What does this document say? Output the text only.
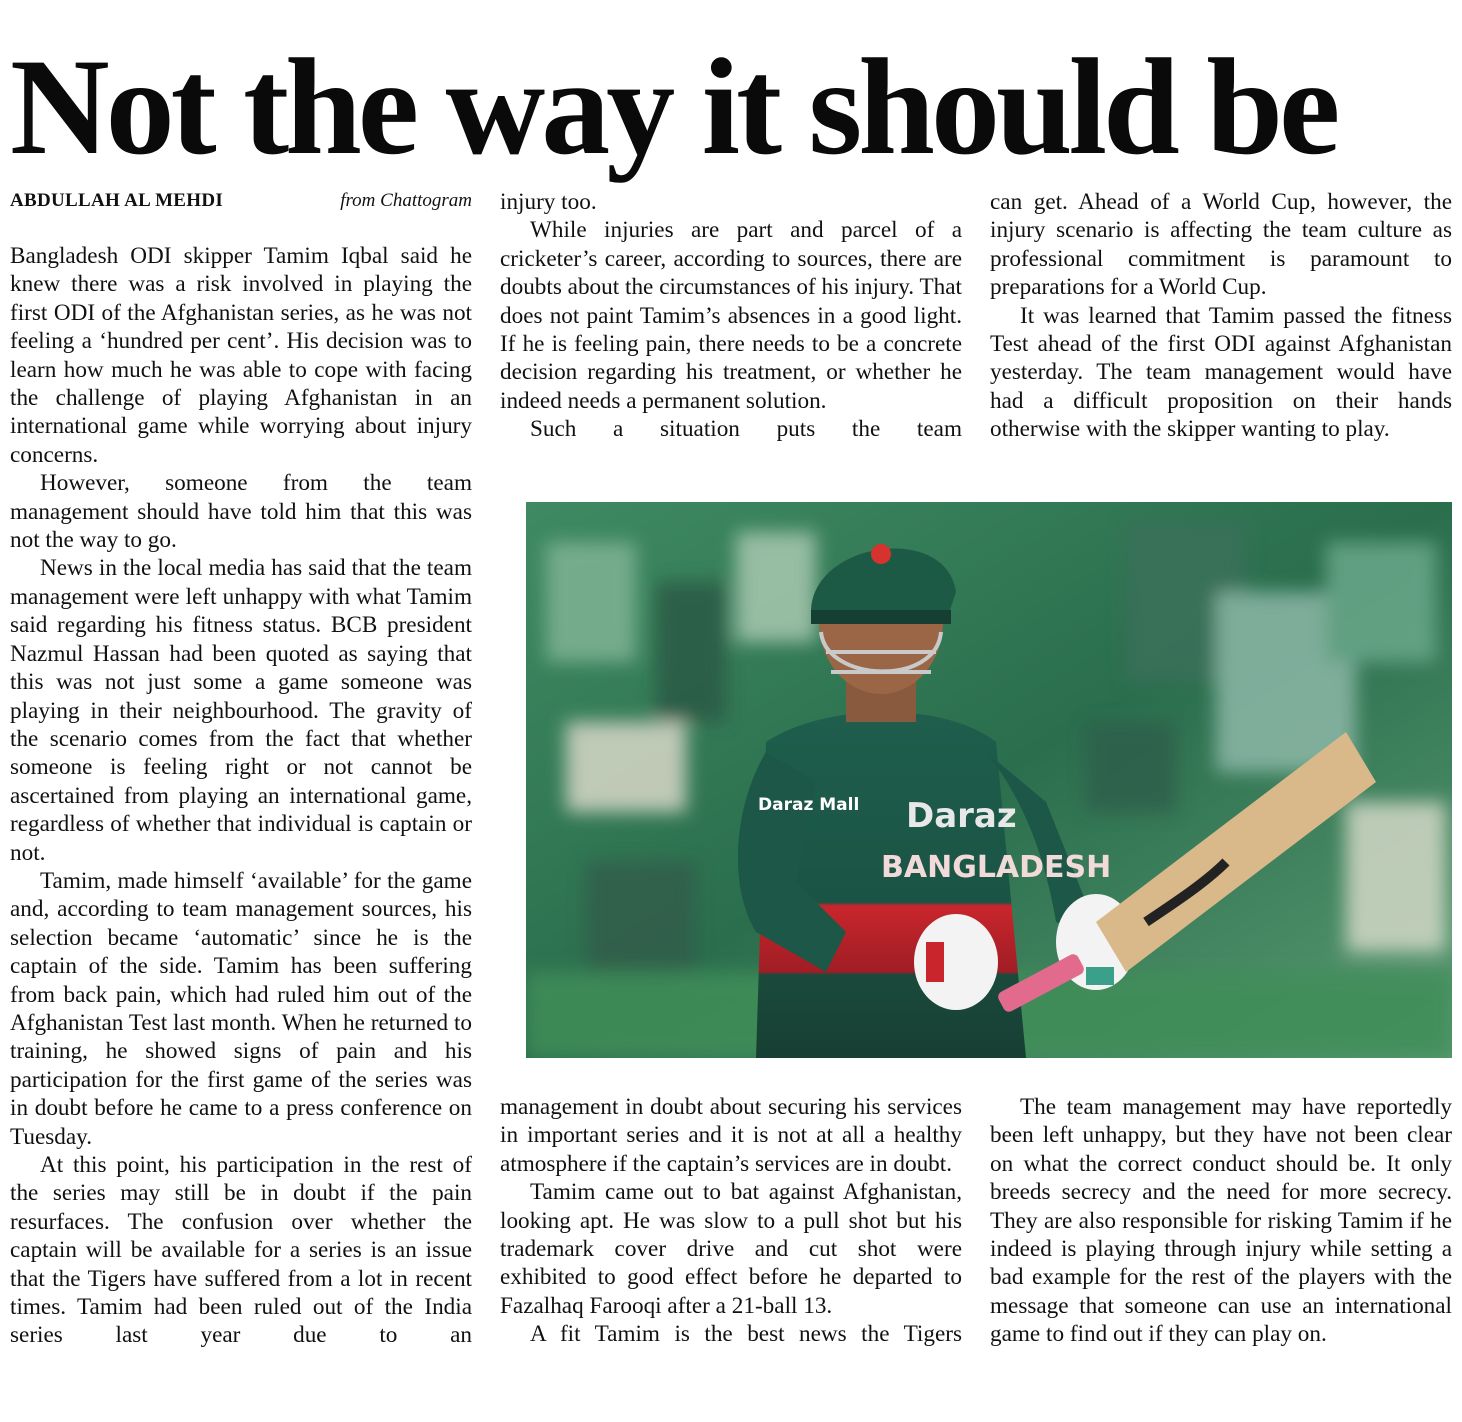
Not the way it should be
ABDULLAH AL MEHDI	from Chattogram

Bangladesh ODI skipper Tamim Iqbal said he knew there was a risk involved in playing the first ODI of the Afghanistan series, as he was not feeling a ‘hundred per cent’. His decision was to learn how much he was able to cope with facing the challenge of playing Afghanistan in an international game while worrying about injury concerns.

However, someone from the team management should have told him that this was not the way to go.

News in the local media has said that the team management were left unhappy with what Tamim said regarding his fitness status. BCB president Nazmul Hassan had been quoted as saying that this was not just some a game someone was playing in their neighbourhood. The gravity of the scenario comes from the fact that whether someone is feeling right or not cannot be ascertained from playing an international game, regardless of whether that individual is captain or not.

Tamim, made himself ‘available’ for the game and, according to team management sources, his selection became ‘automatic’ since he is the captain of the side. Tamim has been suffering from back pain, which had ruled him out of the Afghanistan Test last month. When he returned to training, he showed signs of pain and his participation for the first game of the series was in doubt before he came to a press conference on Tuesday.

At this point, his participation in the rest of the series may still be in doubt if the pain resurfaces. The confusion over whether the captain will be available for a series is an issue that the Tigers have suffered from a lot in recent times. Tamim had been ruled out of the India series last year due to an

injury too.

While injuries are part and parcel of a cricketer’s career, according to sources, there are doubts about the circumstances of his injury. That does not paint Tamim’s absences in a good light. If he is feeling pain, there needs to be a concrete decision regarding his treatment, or whether he indeed needs a permanent solution.

Such a situation puts the team

can get. Ahead of a World Cup, however, the injury scenario is affecting the team culture as professional commitment is paramount to preparations for a World Cup.

It was learned that Tamim passed the fitness Test ahead of the first ODI against Afghanistan yesterday. The team management would have had a difficult proposition on their hands otherwise with the skipper wanting to play.

Daraz
BANGLADESH
Daraz Mall

management in doubt about securing his services in important series and it is not at all a healthy atmosphere if the captain’s services are in doubt.

Tamim came out to bat against Afghanistan, looking apt. He was slow to a pull shot but his trademark cover drive and cut shot were exhibited to good effect before he departed to Fazalhaq Farooqi after a 21-ball 13.

A fit Tamim is the best news the Tigers

The team management may have reportedly been left unhappy, but they have not been clear on what the correct conduct should be. It only breeds secrecy and the need for more secrecy. They are also responsible for risking Tamim if he indeed is playing through injury while setting a bad example for the rest of the players with the message that someone can use an international game to find out if they can play on.
